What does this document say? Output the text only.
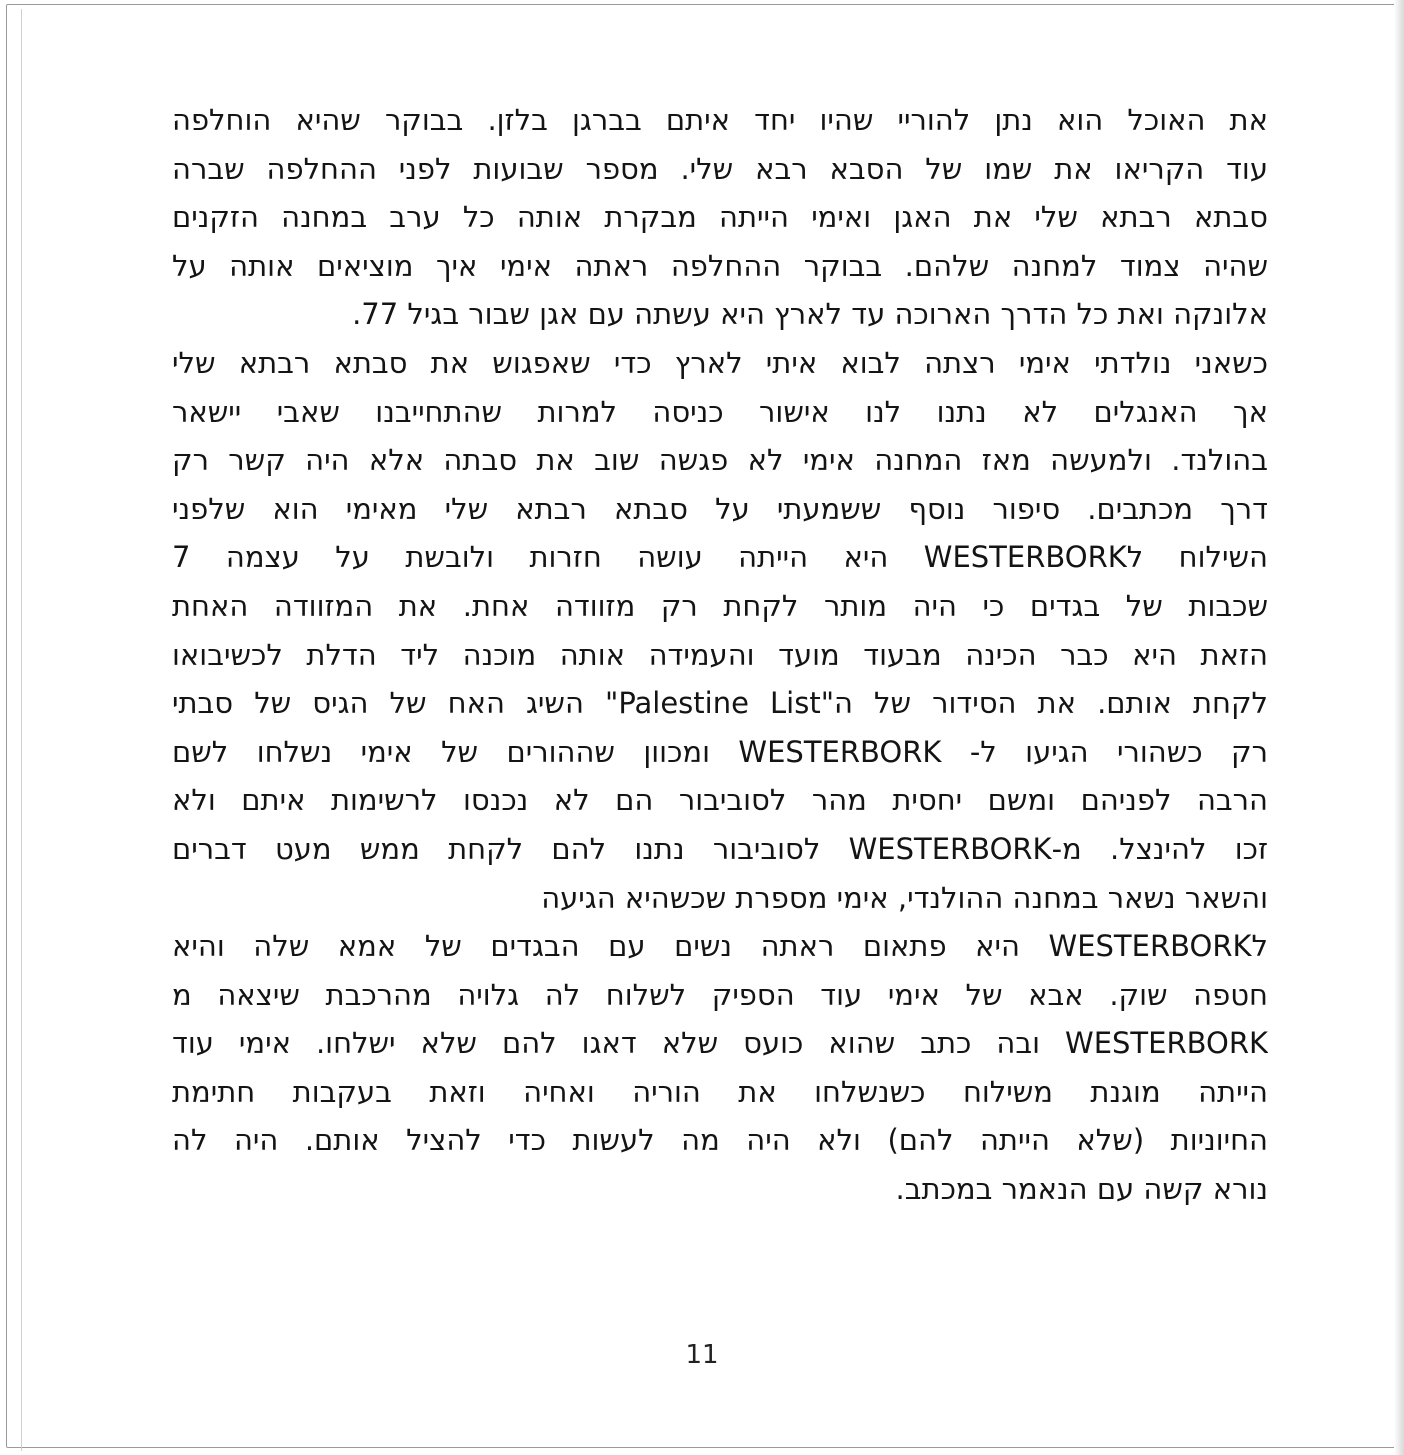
את האוכל הוא נתן להוריי שהיו יחד איתם בברגן בלזן. בבוקר שהיא הוחלפה
עוד הקריאו את שמו של הסבא רבא שלי. מספר שבועות לפני ההחלפה שברה
סבתא רבתא שלי את האגן ואימי הייתה מבקרת אותה כל ערב במחנה הזקנים
שהיה צמוד למחנה שלהם. בבוקר ההחלפה ראתה אימי איך מוציאים אותה על
אלונקה ואת כל הדרך הארוכה עד לארץ היא עשתה עם אגן שבור בגיל 77.
כשאני נולדתי אימי רצתה לבוא איתי לארץ כדי שאפגוש את סבתא רבתא שלי
אך האנגלים לא נתנו לנו אישור כניסה למרות שהתחייבנו שאבי יישאר
בהולנד. ולמעשה מאז המחנה אימי לא פגשה שוב את סבתה אלא היה קשר רק
דרך מכתבים. סיפור נוסף ששמעתי על סבתא רבתא שלי מאימי הוא שלפני
השילוח לWESTERBORK היא הייתה עושה חזרות ולובשת על עצמה 7
שכבות של בגדים כי היה מותר לקחת רק מזוודה אחת. את המזוודה האחת
הזאת היא כבר הכינה מבעוד מועד והעמידה אותה מוכנה ליד הדלת לכשיבואו
לקחת אותם. את הסידור של ה"Palestine List" השיג האח של הגיס של סבתי
רק כשהורי הגיעו ל- WESTERBORK ומכוון שההורים של אימי נשלחו לשם
הרבה לפניהם ומשם יחסית מהר לסוביבור הם לא נכנסו לרשימות איתם ולא
זכו להינצל. מ-WESTERBORK לסוביבור נתנו להם לקחת ממש מעט דברים
והשאר נשאר במחנה ההולנדי, אימי מספרת שכשהיא הגיעה
לWESTERBORK היא פתאום ראתה נשים עם הבגדים של אמא שלה והיא
חטפה שוק. אבא של אימי עוד הספיק לשלוח לה גלויה מהרכבת שיצאה מ
WESTERBORK ובה כתב שהוא כועס שלא דאגו להם שלא ישלחו. אימי עוד
הייתה מוגנת משילוח כשנשלחו את הוריה ואחיה וזאת בעקבות חתימת
החיוניות (שלא הייתה להם) ולא היה מה לעשות כדי להציל אותם. היה לה
נורא קשה עם הנאמר במכתב.
11
